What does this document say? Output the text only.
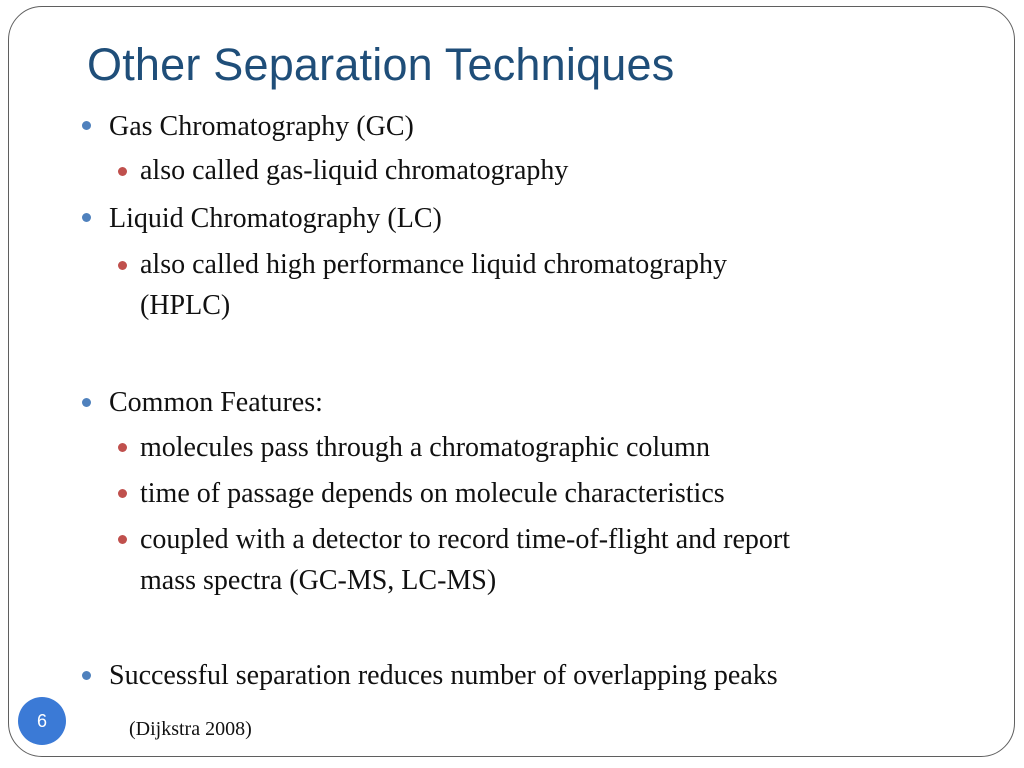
Other Separation Techniques
Gas Chromatography (GC)
also called gas-liquid chromatography
Liquid Chromatography (LC)
also called high performance liquid chromatography
(HPLC)
Common Features:
molecules pass through a chromatographic column
time of passage depends on molecule characteristics
coupled with a detector to record time-of-flight and report
mass spectra (GC-MS, LC-MS)
Successful separation reduces number of overlapping peaks
6	(Dijkstra 2008)
